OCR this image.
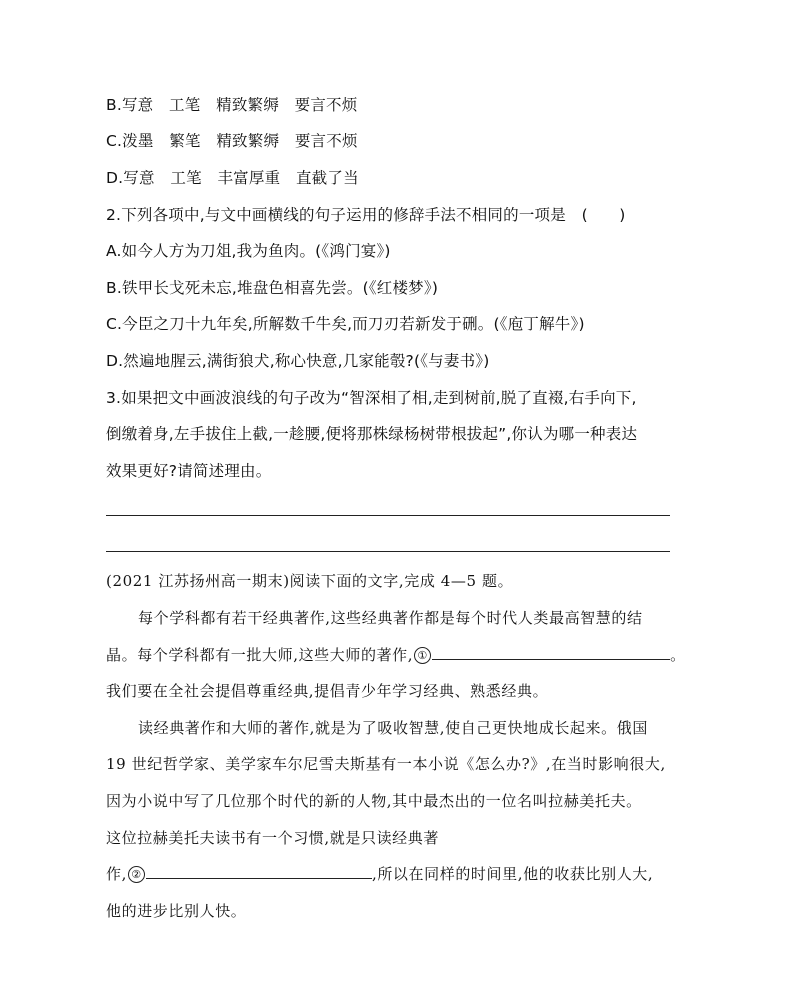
B.写意　工笔　精致繁缛　要言不烦
C.泼墨　繁笔　精致繁缛　要言不烦
D.写意　工笔　丰富厚重　直截了当
2.下列各项中,与文中画横线的句子运用的修辞手法不相同的一项是　(　　)
A.如今人方为刀俎,我为鱼肉。(《鸿门宴》)
B.铁甲长戈死未忘,堆盘色相喜先尝。(《红楼梦》)
C.今臣之刀十九年矣,所解数千牛矣,而刀刃若新发于硎。(《庖丁解牛》)
D.然遍地腥云,满街狼犬,称心快意,几家能彀?(《与妻书》)
3.如果把文中画波浪线的句子改为“智深相了相,走到树前,脱了直裰,右手向下,
倒缴着身,左手拔住上截,一趁腰,便将那株绿杨树带根拔起”,你认为哪一种表达
效果更好?请简述理由。
(2021 江苏扬州高一期末)阅读下面的文字,完成 4—5 题。
每个学科都有若干经典著作,这些经典著作都是每个时代人类最高智慧的结
晶。每个学科都有一批大师,这些大师的著作, ①	。
我们要在全社会提倡尊重经典,提倡青少年学习经典、熟悉经典。
读经典著作和大师的著作,就是为了吸收智慧,使自己更快地成长起来。俄国
19 世纪哲学家、美学家车尔尼雪夫斯基有一本小说《怎么办?》,在当时影响很大,
因为小说中写了几位那个时代的新的人物,其中最杰出的一位名叫拉赫美托夫。
这位拉赫美托夫读书有一个习惯,就是只读经典著
作, ②	,所以在同样的时间里,他的收获比别人大,
他的进步比别人快。
